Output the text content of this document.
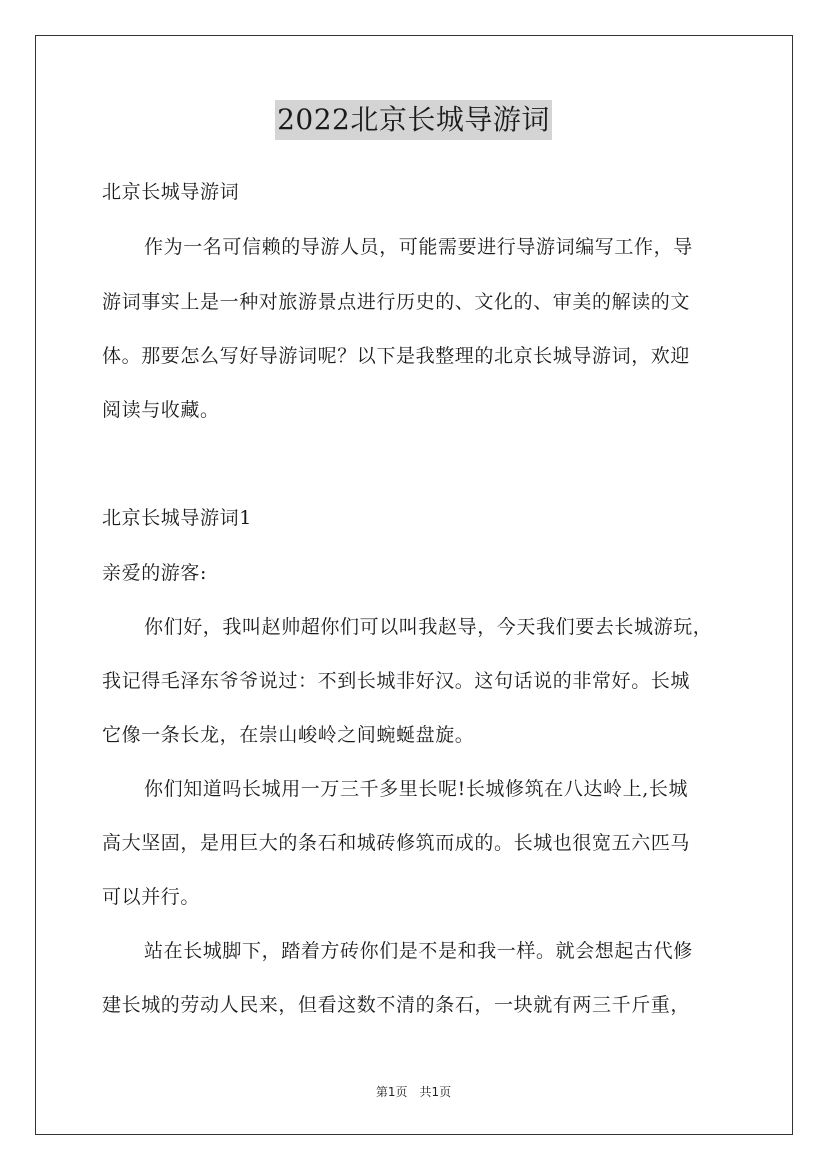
2022北京长城导游词
北京长城导游词
作为一名可信赖的导游人员，可能需要进行导游词编写工作，导
游词事实上是一种对旅游景点进行历史的、文化的、审美的解读的文
体。那要怎么写好导游词呢？以下是我整理的北京长城导游词，欢迎
阅读与收藏。
北京长城导游词1
亲爱的游客:
你们好，我叫赵帅超你们可以叫我赵导，今天我们要去长城游玩，
我记得毛泽东爷爷说过：不到长城非好汉。这句话说的非常好。长城
它像一条长龙，在崇山峻岭之间蜿蜒盘旋。
你们知道吗长城用一万三千多里长呢!长城修筑在八达岭上,长城
高大坚固，是用巨大的条石和城砖修筑而成的。长城也很宽五六匹马
可以并行。
站在长城脚下，踏着方砖你们是不是和我一样。就会想起古代修
建长城的劳动人民来，但看这数不清的条石，一块就有两三千斤重，
第1页　共1页
